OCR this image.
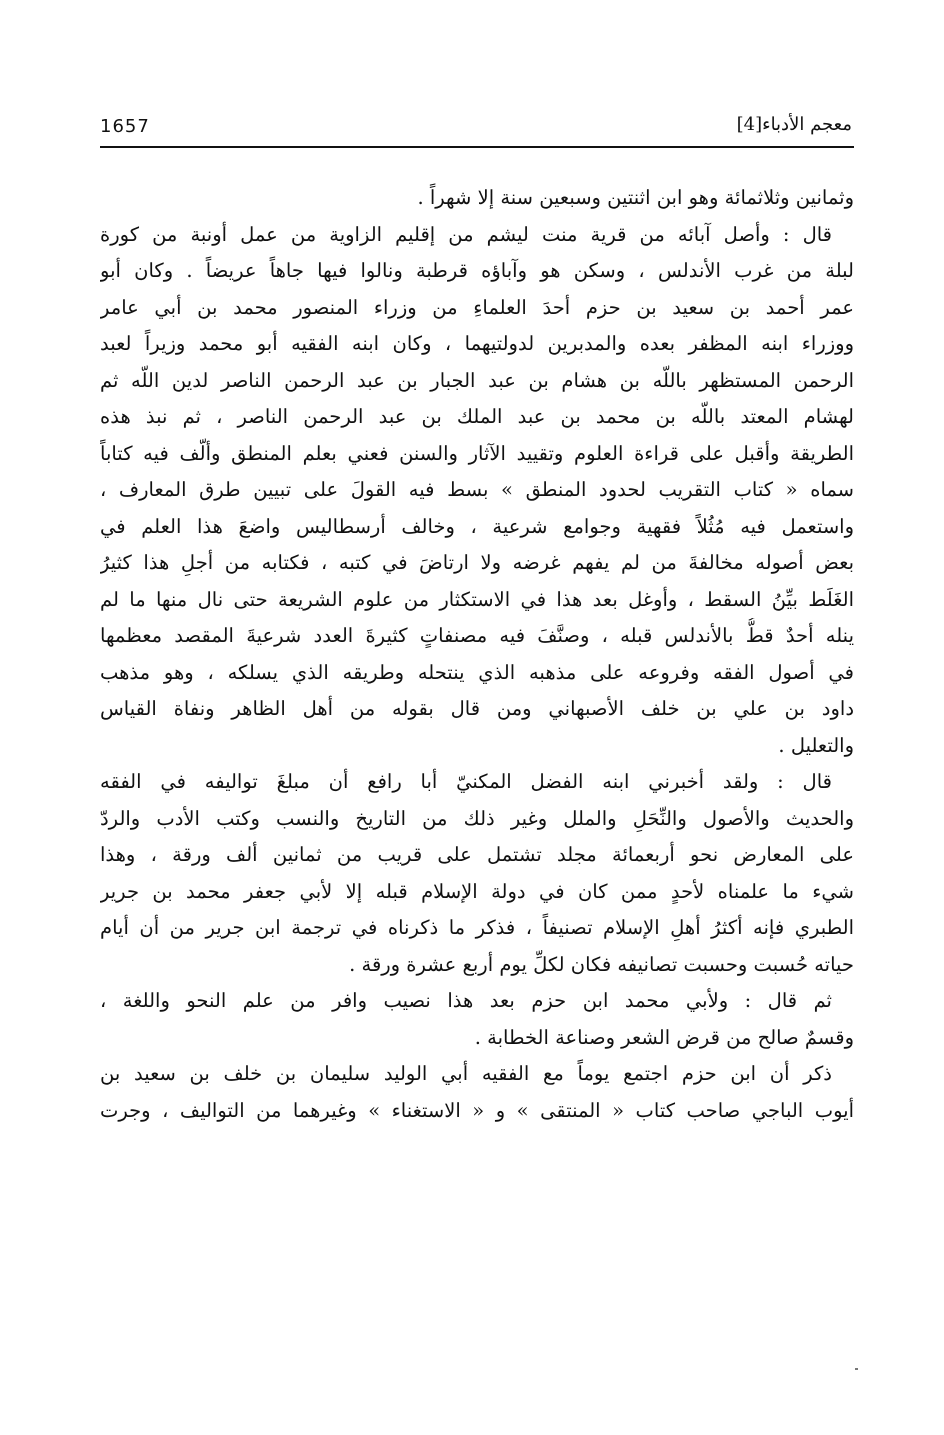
1657	معجم الأدباء[4]
وثمانين وثلاثمائة وهو ابن اثنتين وسبعين سنة إلا شهراً .
قال : وأصل آبائه من قرية منت ليشم من إقليم الزاوية من عمل أونبة من كورة
لبلة من غرب الأندلس ، وسكن هو وآباؤه قرطبة ونالوا فيها جاهاً عريضاً . وكان أبو
عمر أحمد بن سعيد بن حزم أحدَ العلماءِ من وزراء المنصور محمد بن أبي عامر
ووزراء ابنه المظفر بعده والمدبرين لدولتيهما ، وكان ابنه الفقيه أبو محمد وزيراً لعبد
الرحمن المستظهر باللّه بن هشام بن عبد الجبار بن عبد الرحمن الناصر لدين اللّه ثم
لهشام المعتد باللّه بن محمد بن عبد الملك بن عبد الرحمن الناصر ، ثم نبذ هذه
الطريقة وأقبل على قراءة العلوم وتقييد الآثار والسنن فعني بعلم المنطق وألّف فيه كتاباً
سماه « كتاب التقريب لحدود المنطق » بسط فيه القولَ على تبيين طرق المعارف ،
واستعمل فيه مُثُلاً فقهية وجوامع شرعية ، وخالف أرسطاليس واضعَ هذا العلم في
بعض أصوله مخالفةَ من لم يفهم غرضه ولا ارتاضَ في كتبه ، فكتابه من أجلِ هذا كثيرُ
الغَلَط بيِّنُ السقط ، وأوغل بعد هذا في الاستكثار من علوم الشريعة حتى نال منها ما لم
ينله أحدٌ قطُّ بالأندلس قبله ، وصنَّفَ فيه مصنفاتٍ كثيرةَ العدد شرعيةَ المقصد معظمها
في أصول الفقه وفروعه على مذهبه الذي ينتحله وطريقه الذي يسلكه ، وهو مذهب
داود بن علي بن خلف الأصبهاني ومن قال بقوله من أهل الظاهر ونفاة القياس
والتعليل .
قال : ولقد أخبرني ابنه الفضل المكنيّ أبا رافع أن مبلغَ تواليفه في الفقه
والحديث والأصول والنِّحَلِ والملل وغير ذلك من التاريخ والنسب وكتب الأدب والردّ
على المعارض نحو أربعمائة مجلد تشتمل على قريب من ثمانين ألف ورقة ، وهذا
شيء ما علمناه لأحدٍ ممن كان في دولة الإسلام قبله إلا لأبي جعفر محمد بن جرير
الطبري فإنه أكثرُ أهلِ الإسلام تصنيفاً ، فذكر ما ذكرناه في ترجمة ابن جرير من أن أيام
حياته حُسبت وحسبت تصانيفه فكان لكلِّ يوم أربع عشرة ورقة .
ثم قال : ولأبي محمد ابن حزم بعد هذا نصيب وافر من علم النحو واللغة ،
وقسمٌ صالح من قرض الشعر وصناعة الخطابة .
ذكر أن ابن حزم اجتمع يوماً مع الفقيه أبي الوليد سليمان بن خلف بن سعيد بن
أيوب الباجي صاحب كتاب « المنتقى » و « الاستغناء » وغيرهما من التواليف ، وجرت
